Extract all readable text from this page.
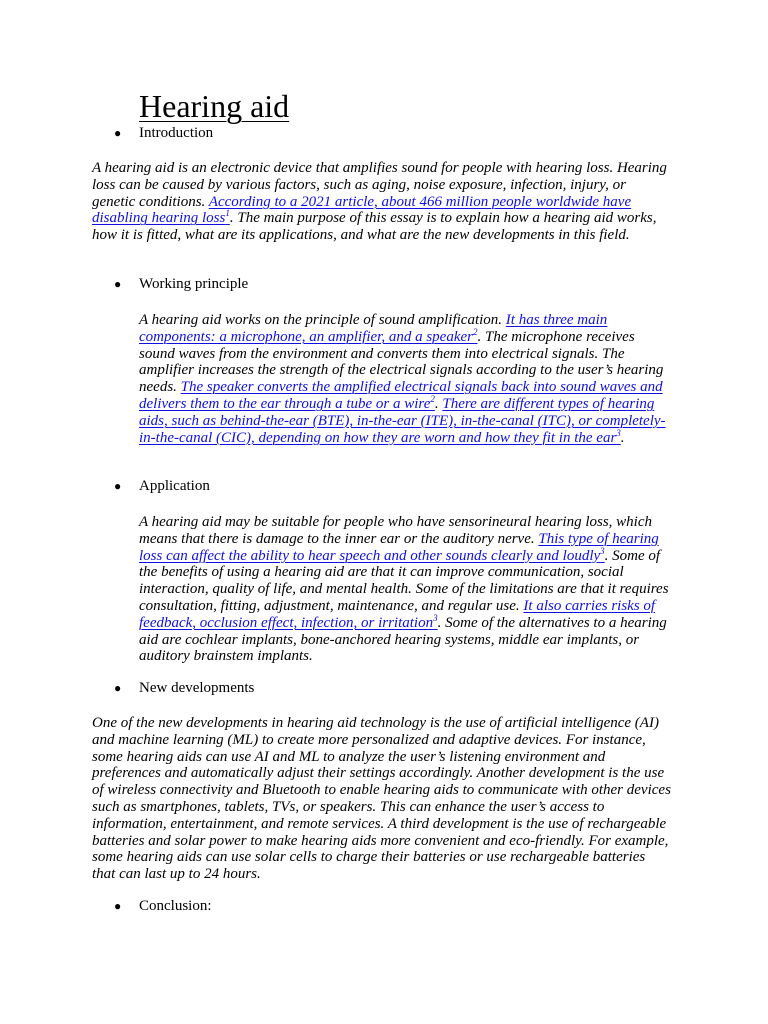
Hearing aid
●	Introduction

A hearing aid is an electronic device that amplifies sound for people with hearing loss. Hearing loss can be caused by various factors, such as aging, noise exposure, infection, injury, or genetic conditions. According to a 2021 article, about 466 million people worldwide have disabling hearing loss$^1$. The main purpose of this essay is to explain how a hearing aid works, how it is fitted, what are its applications, and what are the new developments in this field.

●	Working principle

A hearing aid works on the principle of sound amplification. It has three main components: a microphone, an amplifier, and a speaker$^2$. The microphone receives sound waves from the environment and converts them into electrical signals. The amplifier increases the strength of the electrical signals according to the user’s hearing needs. The speaker converts the amplified electrical signals back into sound waves and delivers them to the ear through a tube or a wire$^2$. There are different types of hearing aids, such as behind-the-ear (BTE), in-the-ear (ITE), in-the-canal (ITC), or completely-in-the-canal (CIC), depending on how they are worn and how they fit in the ear$^3$.

●	Application

A hearing aid may be suitable for people who have sensorineural hearing loss, which means that there is damage to the inner ear or the auditory nerve. This type of hearing loss can affect the ability to hear speech and other sounds clearly and loudly$^3$. Some of the benefits of using a hearing aid are that it can improve communication, social interaction, quality of life, and mental health. Some of the limitations are that it requires consultation, fitting, adjustment, maintenance, and regular use. It also carries risks of feedback, occlusion effect, infection, or irritation$^3$. Some of the alternatives to a hearing aid are cochlear implants, bone-anchored hearing systems, middle ear implants, or auditory brainstem implants.

●	New developments

One of the new developments in hearing aid technology is the use of artificial intelligence (AI) and machine learning (ML) to create more personalized and adaptive devices. For instance, some hearing aids can use AI and ML to analyze the user’s listening environment and preferences and automatically adjust their settings accordingly. Another development is the use of wireless connectivity and Bluetooth to enable hearing aids to communicate with other devices such as smartphones, tablets, TVs, or speakers. This can enhance the user’s access to information, entertainment, and remote services. A third development is the use of rechargeable batteries and solar power to make hearing aids more convenient and eco-friendly. For example, some hearing aids can use solar cells to charge their batteries or use rechargeable batteries that can last up to 24 hours.

●	Conclusion:
